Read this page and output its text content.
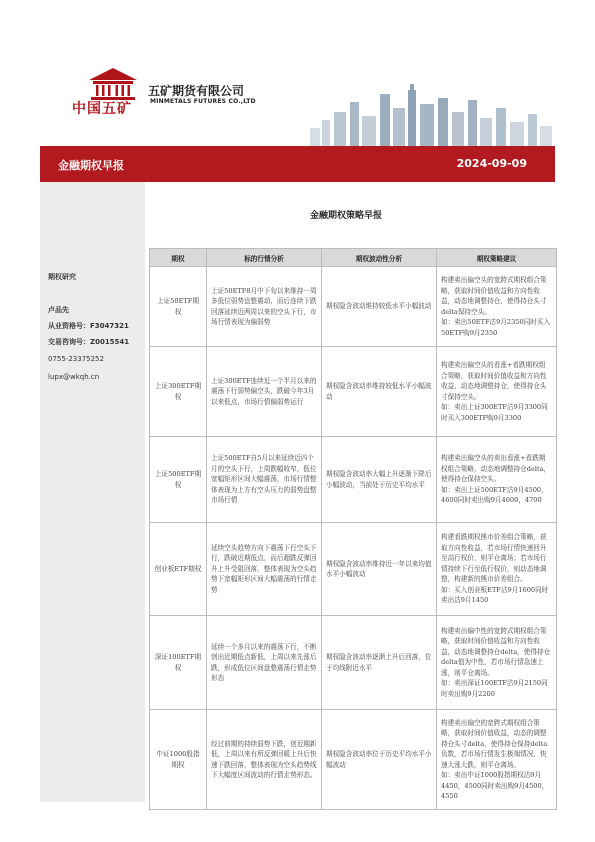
中国五矿
五矿期货有限公司
MINMETALS FUTURES CO.,LTD
金融期权早报	2024-09-09
期权研究
卢品先
从业资格号：F3047321
交易咨询号：Z0015541
0755-23375252
lupx@wkqh.cn
金融期权策略早报
期权	标的行情分析	期权波动性分析	期权策略建议
上证50ETF期权	上证50ETF8月中下旬以来维持一周多低位弱势盘整震动，而后连续下跌回落延续近两周以来的空头下行，市场行情表现为偏弱势	期权隐含波动维持较低水平小幅波动	构建卖出偏空头的宽跨式期权组合策略，获取时间价值收益和方向性收益，动态地调整持仓，使得持仓头寸delta保持空头。
如：卖出50ETF沽9月2350同时买入50ETF购9月2350
上证300ETF期权	上证300ETF连续近一个半月以来的震荡下行弱势偏空头，跌破今年3月以来低点，市场行情偏弱势运行	期权隐含波动率维持较低水平小幅波动	构建卖出偏空头的看涨+看跌期权组合策略，获取时间价值收益和方向性收益，动态地调整持仓，使得持仓头寸保持空头。
如：卖出上证300ETF沽9月3300同时买入300ETF购9月3300
上证500ETF期权	上证500ETF自5月以来延续近四个月的空头下行，上周跌幅收窄，低位宽幅矩形区间大幅震荡，市场行情整体表现为上方有空头压力的弱势盘整市场行情	期权隐含波动率大幅上升逐渐下降后小幅波动，当前处于历史平均水平	构建卖出偏空头的卖出看涨+看跌期权组合策略，动态地调整持仓delta，使得持仓保持空头。
如：卖出上证500ETF沽9月4500，4600同时卖出购9月4600，4700
创业板ETF期权	延续空头趋势方向下震荡下行空头下行，跌破近期低点，而后超跌反弹回升上升受阻回落，整体表现为空头趋势下宽幅矩形区间大幅震荡的行情走势	期权隐含波动率维持近一年以来均值水平小幅波动	构建看跌期权熊市价差组合策略，获取方向性收益，若市场行情快速回升至高行权价，则平仓离场；若市场行情持续下行至低行权价，则动态地调整，构建新的熊市价差组合。
如：买入创业板ETF沽9月1600同时卖出沽9月1450
深证100ETF期权	延续一个多月以来的震荡下行，不断创出近期低点新低，上周以来先涨后跌，形成低位区间盘整震荡行情走势形态	期权隐含波动率逐渐上升后回落，位于均线附近水平	构建卖出偏中性的宽跨式期权组合策略，获取时间价值收益和方向性收益，动态地调整持仓delta，使得持仓delta值为中性，若市场行情急速上涨，则平仓离场。
如：卖出深证100ETF沽9月2150同时卖出购9月2200
中证1000股指期权	经过前期的持续弱势下跌，创近期新低，上周以来有所反弹回暖上升后快速下跌回落，整体表现为空头趋势线下大幅度区间波动的行情走势形态。	期权隐含波动率位于历史平均水平小幅波动	构建卖出偏空的宽跨式期权组合策略，获取时间价值收益，动态的调整持仓头寸delta，使得持仓保持delta负数，若市场行情发生极端情况，快速大涨大跌，则平仓离场。
如：卖出中证1000股指期权沽9月4450，4500同时卖出购9月4500，4550
